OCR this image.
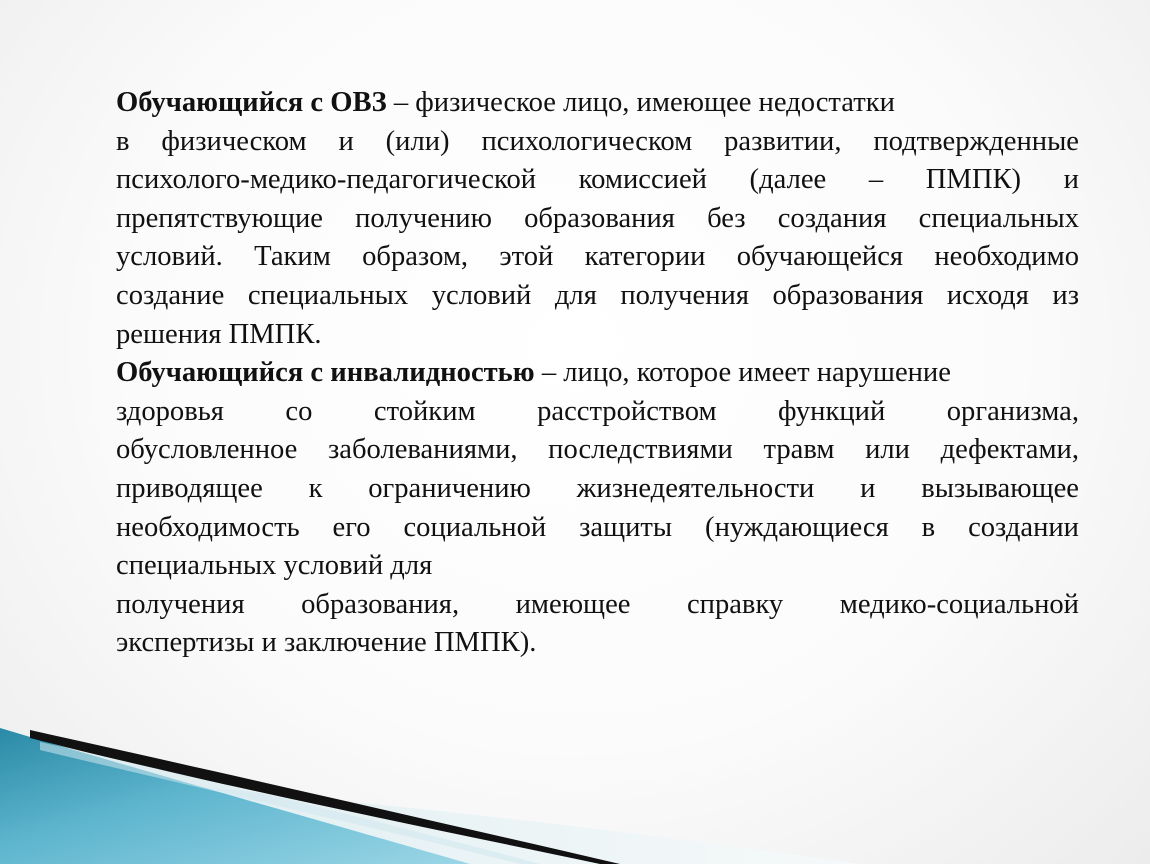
Обучающийся с ОВЗ – физическое лицо, имеющее недостатки
в физическом и (или) психологическом развитии, подтвержденные
психолого-медико-педагогической комиссией (далее – ПМПК) и
препятствующие получению образования без создания специальных
условий. Таким образом, этой категории обучающейся необходимо
создание специальных условий для получения образования исходя из
решения ПМПК.
Обучающийся с инвалидностью – лицо, которое имеет нарушение
здоровья со стойким расстройством функций организма,
обусловленное заболеваниями, последствиями травм или дефектами,
приводящее к ограничению жизнедеятельности и вызывающее
необходимость его социальной защиты (нуждающиеся в создании
специальных условий для
получения образования, имеющее справку медико-социальной
экспертизы и заключение ПМПК).
